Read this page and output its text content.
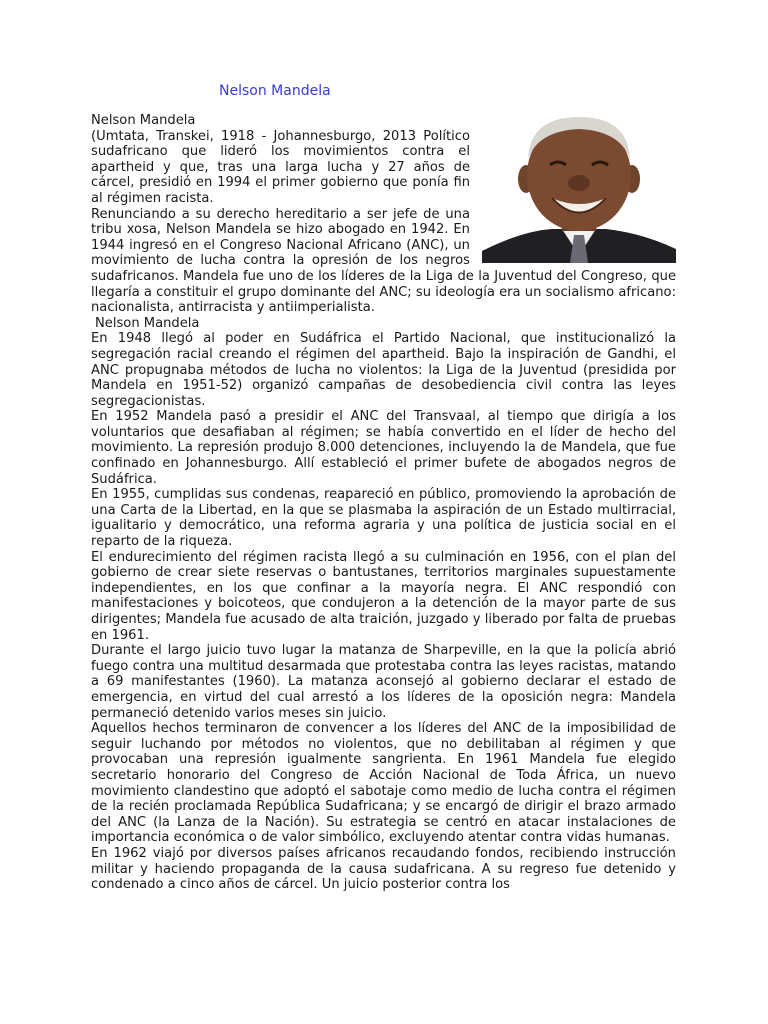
Nelson Mandela

Nelson Mandela

(Umtata, Transkei, 1918 - Johannesburgo, 2013 Político sudafricano que lideró los movimientos contra el apartheid y que, tras una larga lucha y 27 años de cárcel, presidió en 1994 el primer gobierno que ponía fin al régimen racista.

Renunciando a su derecho hereditario a ser jefe de una tribu xosa, Nelson Mandela se hizo abogado en 1942. En 1944 ingresó en el Congreso Nacional Africano (ANC), un movimiento de lucha contra la opresión de los negros sudafricanos. Mandela fue uno de los líderes de la Liga de la Juventud del Congreso, que llegaría a constituir el grupo dominante del ANC; su ideología era un socialismo africano: nacionalista, antirracista y antiimperialista.

Nelson Mandela

En 1948 llegó al poder en Sudáfrica el Partido Nacional, que institucionalizó la segregación racial creando el régimen del apartheid. Bajo la inspiración de Gandhi, el ANC propugnaba métodos de lucha no violentos: la Liga de la Juventud (presidida por Mandela en 1951-52) organizó campañas de desobediencia civil contra las leyes segregacionistas.

En 1952 Mandela pasó a presidir el ANC del Transvaal, al tiempo que dirigía a los voluntarios que desafiaban al régimen; se había convertido en el líder de hecho del movimiento. La represión produjo 8.000 detenciones, incluyendo la de Mandela, que fue confinado en Johannesburgo. Allí estableció el primer bufete de abogados negros de Sudáfrica.

En 1955, cumplidas sus condenas, reapareció en público, promoviendo la aprobación de una Carta de la Libertad, en la que se plasmaba la aspiración de un Estado multirracial, igualitario y democrático, una reforma agraria y una política de justicia social en el reparto de la riqueza.

El endurecimiento del régimen racista llegó a su culminación en 1956, con el plan del gobierno de crear siete reservas o bantustanes, territorios marginales supuestamente independientes, en los que confinar a la mayoría negra. El ANC respondió con manifestaciones y boicoteos, que condujeron a la detención de la mayor parte de sus dirigentes; Mandela fue acusado de alta traición, juzgado y liberado por falta de pruebas en 1961.

Durante el largo juicio tuvo lugar la matanza de Sharpeville, en la que la policía abrió fuego contra una multitud desarmada que protestaba contra las leyes racistas, matando a 69 manifestantes (1960). La matanza aconsejó al gobierno declarar el estado de emergencia, en virtud del cual arrestó a los líderes de la oposición negra: Mandela permaneció detenido varios meses sin juicio.

Aquellos hechos terminaron de convencer a los líderes del ANC de la imposibilidad de seguir luchando por métodos no violentos, que no debilitaban al régimen y que provocaban una represión igualmente sangrienta. En 1961 Mandela fue elegido secretario honorario del Congreso de Acción Nacional de Toda África, un nuevo movimiento clandestino que adoptó el sabotaje como medio de lucha contra el régimen de la recién proclamada República Sudafricana; y se encargó de dirigir el brazo armado del ANC (la Lanza de la Nación). Su estrategia se centró en atacar instalaciones de importancia económica o de valor simbólico, excluyendo atentar contra vidas humanas.

En 1962 viajó por diversos países africanos recaudando fondos, recibiendo instrucción militar y haciendo propaganda de la causa sudafricana. A su regreso fue detenido y condenado a cinco años de cárcel. Un juicio posterior contra los
